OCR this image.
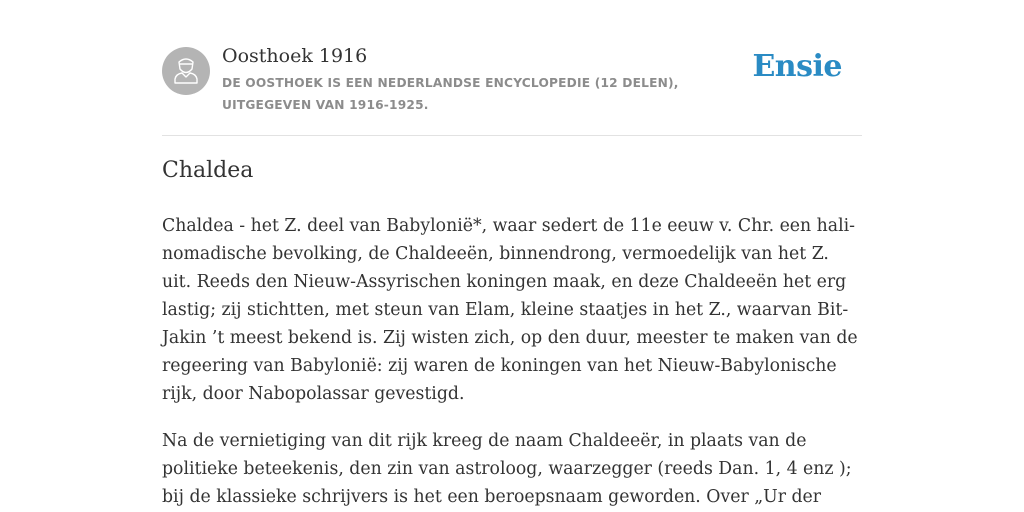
Oosthoek 1916
DE OOSTHOEK IS EEN NEDERLANDSE ENCYCLOPEDIE (12 DELEN), UITGEGEVEN VAN 1916-1925.
Ensie
Chaldea

Chaldea - het Z. deel van Babylonië*, waar sedert de 11e eeuw v. Chr. een hali-nomadische bevolking, de Chaldeeën, binnendrong, vermoedelijk van het Z. uit. Reeds den Nieuw-Assyrischen koningen maak, en deze Chaldeeën het erg lastig; zij stichtten, met steun van Elam, kleine staatjes in het Z., waarvan Bit-Jakin ’t meest bekend is. Zij wisten zich, op den duur, meester te maken van de regeering van Babylonië: zij waren de koningen van het Nieuw-Babylonische rijk, door Nabopolassar gevestigd.

Na de vernietiging van dit rijk kreeg de naam Chaldeeër, in plaats van de politieke beteekenis, den zin van astroloog, waarzegger (reeds Dan. 1, 4 enz ); bij de klassieke schrijvers is het een beroepsnaam geworden. Over „Ur der
